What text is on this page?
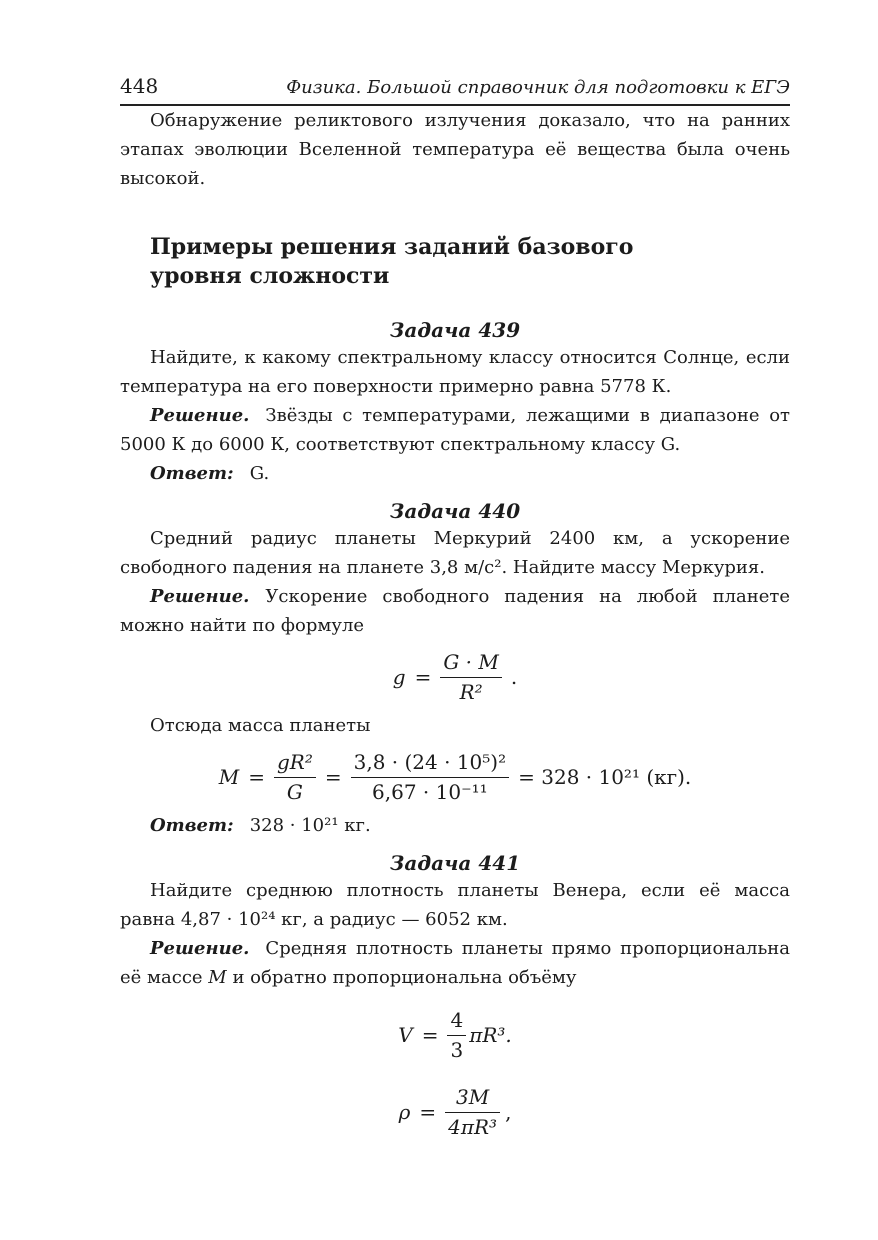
448	Физика. Большой справочник для подготовки к ЕГЭ

Обнаружение реликтового излучения доказало, что на ранних этапах эволюции Вселенной температура её вещества была очень высокой.

Примеры решения заданий базового уровня сложности

Задача 439

Найдите, к какому спектральному классу относится Солнце, если температура на его поверхности примерно равна 5778 К.

Решение. Звёзды с температурами, лежащими в диапазоне от 5000 К до 6000 К, соответствуют спектральному классу G.

Ответ: G.

Задача 440

Средний радиус планеты Меркурий 2400 км, а ускорение свободного падения на планете 3,8 м/с². Найдите массу Меркурия.

Решение. Ускорение свободного падения на любой планете можно найти по формуле

$g = \frac{G \cdot M}{\text{R²}}$ .

Отсюда масса планеты

$M = \frac{\text{gR²}}{G} = \frac{\text{3,8 · (24 · 10⁵)²}}{\text{6,67 · 10⁻¹¹}} = 328 \cdot 10^{21}$ (кг).

Ответ: 328 · 10²¹ кг.

Задача 441

Найдите среднюю плотность планеты Венера, если её масса равна 4,87 · 10²⁴ кг, а радиус — 6052 км.

Решение. Средняя плотность планеты прямо пропорциональна её массе M и обратно пропорциональна объёму

$V = \frac{4}{3} \pi R^3$.
$\rho = \frac{3M}{\text{4πR³}}$ ,
